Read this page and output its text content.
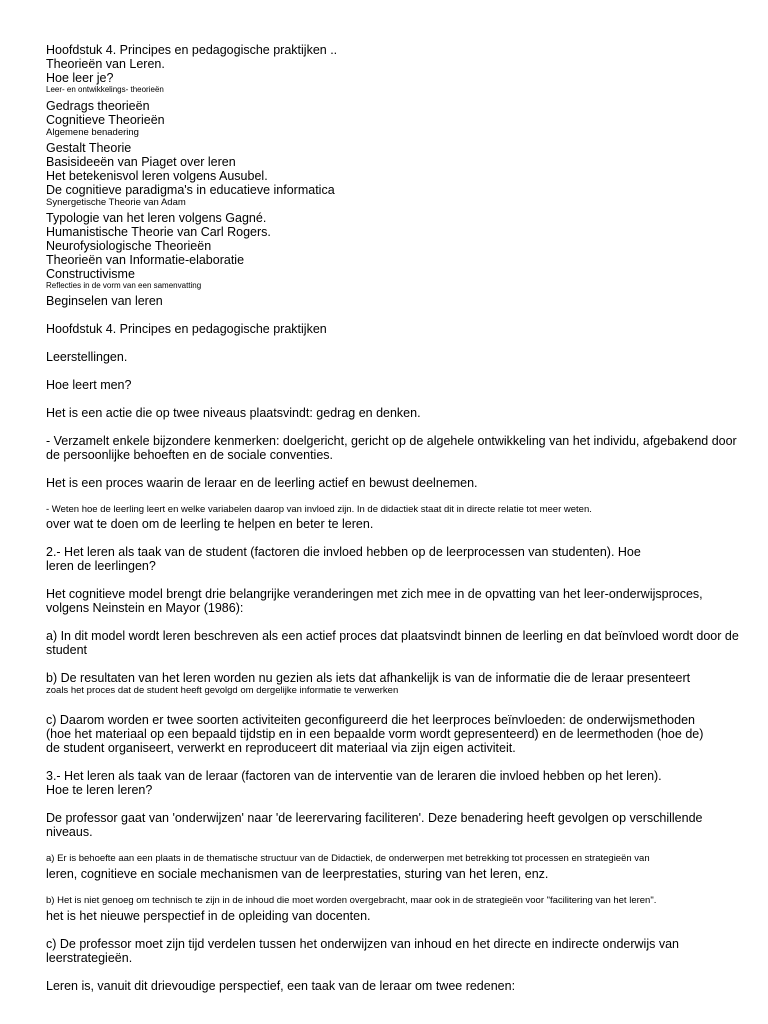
Hoofdstuk 4. Principes en pedagogische praktijken ..
Theorieën van Leren.
Hoe leer je?
Leer- en ontwikkelings- theorieën
Gedrags theorieën
Cognitieve Theorieën
Algemene benadering
Gestalt Theorie
Basisideeën van Piaget over leren
Het betekenisvol leren volgens Ausubel.
De cognitieve paradigma's in educatieve informatica
Synergetische Theorie van Adam
Typologie van het leren volgens Gagné.
Humanistische Theorie van Carl Rogers.
Neurofysiologische Theorieën
Theorieën van Informatie-elaboratie
Constructivisme
Reflecties in de vorm van een samenvatting
Beginselen van leren
Hoofdstuk 4. Principes en pedagogische praktijken
Leerstellingen.
Hoe leert men?
Het is een actie die op twee niveaus plaatsvindt: gedrag en denken.
- Verzamelt enkele bijzondere kenmerken: doelgericht, gericht op de algehele ontwikkeling van het individu, afgebakend door
de persoonlijke behoeften en de sociale conventies.
Het is een proces waarin de leraar en de leerling actief en bewust deelnemen.
- Weten hoe de leerling leert en welke variabelen daarop van invloed zijn. In de didactiek staat dit in directe relatie tot meer weten.
over wat te doen om de leerling te helpen en beter te leren.
2.- Het leren als taak van de student (factoren die invloed hebben op de leerprocessen van studenten). Hoe
leren de leerlingen?
Het cognitieve model brengt drie belangrijke veranderingen met zich mee in de opvatting van het leer-onderwijsproces,
volgens Neinstein en Mayor (1986):
a) In dit model wordt leren beschreven als een actief proces dat plaatsvindt binnen de leerling en dat beïnvloed wordt door de
student
b) De resultaten van het leren worden nu gezien als iets dat afhankelijk is van de informatie die de leraar presenteert
zoals het proces dat de student heeft gevolgd om dergelijke informatie te verwerken
c) Daarom worden er twee soorten activiteiten geconfigureerd die het leerproces beïnvloeden: de onderwijsmethoden
(hoe het materiaal op een bepaald tijdstip en in een bepaalde vorm wordt gepresenteerd) en de leermethoden (hoe de)
de student organiseert, verwerkt en reproduceert dit materiaal via zijn eigen activiteit.
3.- Het leren als taak van de leraar (factoren van de interventie van de leraren die invloed hebben op het leren).
Hoe te leren leren?
De professor gaat van 'onderwijzen' naar 'de leerervaring faciliteren'. Deze benadering heeft gevolgen op verschillende
niveaus.
a) Er is behoefte aan een plaats in de thematische structuur van de Didactiek, de onderwerpen met betrekking tot processen en strategieën van
leren, cognitieve en sociale mechanismen van de leerprestaties, sturing van het leren, enz.
b) Het is niet genoeg om technisch te zijn in de inhoud die moet worden overgebracht, maar ook in de strategieën voor "facilitering van het leren".
het is het nieuwe perspectief in de opleiding van docenten.
c) De professor moet zijn tijd verdelen tussen het onderwijzen van inhoud en het directe en indirecte onderwijs van
leerstrategieën.
Leren is, vanuit dit drievoudige perspectief, een taak van de leraar om twee redenen:
